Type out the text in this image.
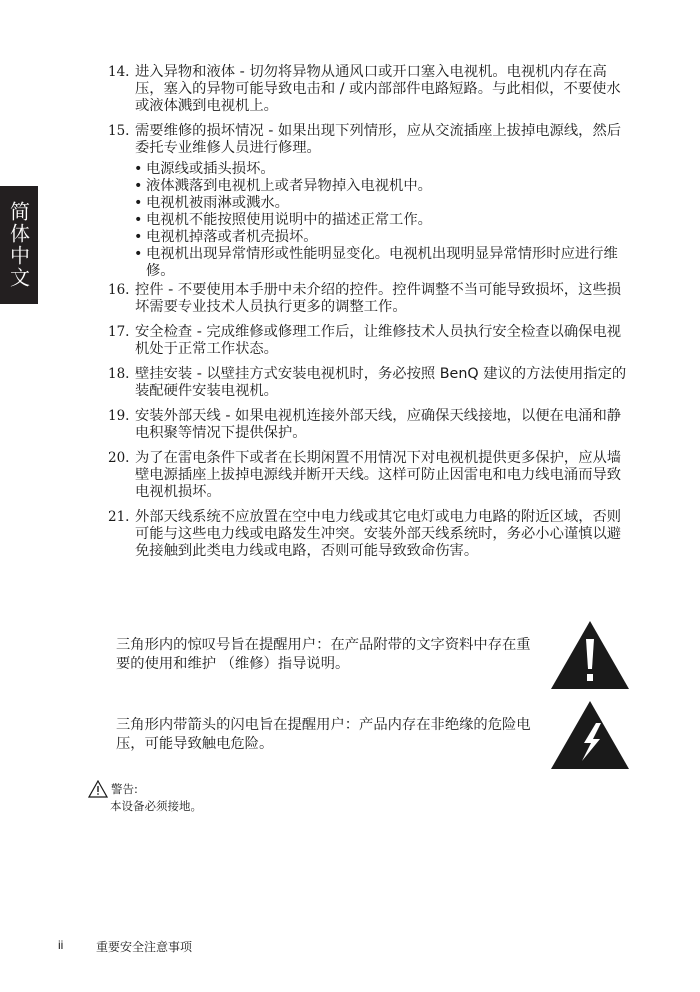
简体中文
14. 进入异物和液体 - 切勿将异物从通风口或开口塞入电视机。电视机内存在高压，塞入的异物可能导致电击和 / 或内部部件电路短路。与此相似，不要使水或液体溅到电视机上。
15. 需要维修的损坏情况 - 如果出现下列情形，应从交流插座上拔掉电源线，然后委托专业维修人员进行修理。
• 电源线或插头损坏。
• 液体溅落到电视机上或者异物掉入电视机中。
• 电视机被雨淋或溅水。
• 电视机不能按照使用说明中的描述正常工作。
• 电视机掉落或者机壳损坏。
• 电视机出现异常情形或性能明显变化。电视机出现明显异常情形时应进行维修。
16. 控件 - 不要使用本手册中未介绍的控件。控件调整不当可能导致损坏，这些损坏需要专业技术人员执行更多的调整工作。
17. 安全检查 - 完成维修或修理工作后，让维修技术人员执行安全检查以确保电视机处于正常工作状态。
18. 壁挂安装 - 以壁挂方式安装电视机时，务必按照 BenQ 建议的方法使用指定的装配硬件安装电视机。
19. 安装外部天线 - 如果电视机连接外部天线，应确保天线接地，以便在电涌和静电积聚等情况下提供保护。
20. 为了在雷电条件下或者在长期闲置不用情况下对电视机提供更多保护，应从墙壁电源插座上拔掉电源线并断开天线。这样可防止因雷电和电力线电涌而导致电视机损坏。
21. 外部天线系统不应放置在空中电力线或其它电灯或电力电路的附近区域，否则可能与这些电力线或电路发生冲突。安装外部天线系统时，务必小心谨慎以避免接触到此类电力线或电路，否则可能导致致命伤害。
三角形内的惊叹号旨在提醒用户：在产品附带的文字资料中存在重要的使用和维护 （维修）指导说明。
三角形内带箭头的闪电旨在提醒用户：产品内存在非绝缘的危险电压，可能导致触电危险。
警告:
本设备必须接地。
ii	重要安全注意事项
